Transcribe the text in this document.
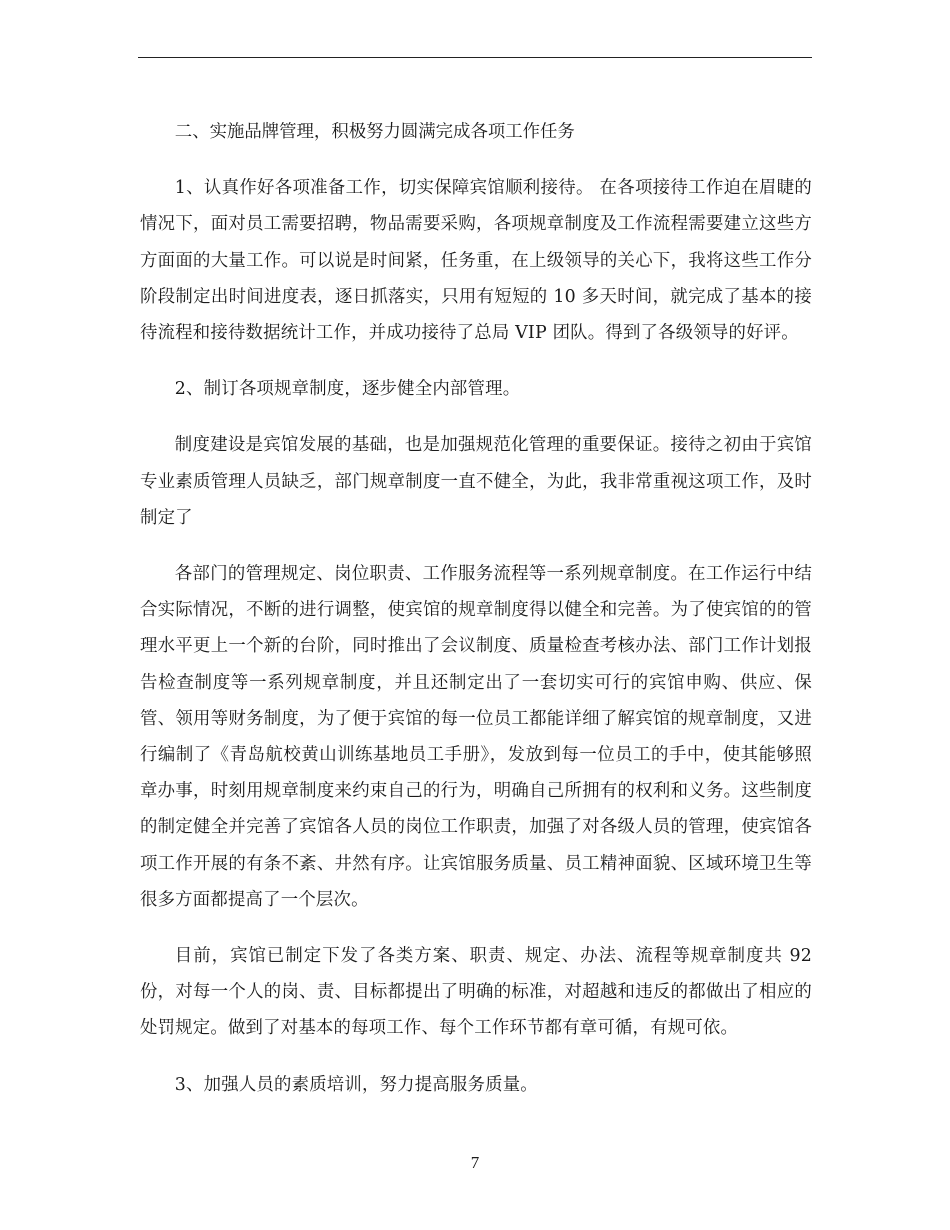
二、实施品牌管理，积极努力圆满完成各项工作任务

1、认真作好各项准备工作，切实保障宾馆顺利接待。 在各项接待工作迫在眉睫的情况下，面对员工需要招聘，物品需要采购，各项规章制度及工作流程需要建立这些方方面面的大量工作。可以说是时间紧，任务重，在上级领导的关心下，我将这些工作分阶段制定出时间进度表，逐日抓落实，只用有短短的 10 多天时间，就完成了基本的接待流程和接待数据统计工作，并成功接待了总局 VIP 团队。得到了各级领导的好评。

2、制订各项规章制度，逐步健全内部管理。

制度建设是宾馆发展的基础，也是加强规范化管理的重要保证。接待之初由于宾馆专业素质管理人员缺乏，部门规章制度一直不健全，为此，我非常重视这项工作，及时制定了

各部门的管理规定、岗位职责、工作服务流程等一系列规章制度。在工作运行中结合实际情况，不断的进行调整，使宾馆的规章制度得以健全和完善。为了使宾馆的的管理水平更上一个新的台阶，同时推出了会议制度、质量检查考核办法、部门工作计划报告检查制度等一系列规章制度，并且还制定出了一套切实可行的宾馆申购、供应、保管、领用等财务制度，为了便于宾馆的每一位员工都能详细了解宾馆的规章制度，又进行编制了《青岛航校黄山训练基地员工手册》，发放到每一位员工的手中，使其能够照章办事，时刻用规章制度来约束自己的行为，明确自己所拥有的权利和义务。这些制度的制定健全并完善了宾馆各人员的岗位工作职责，加强了对各级人员的管理，使宾馆各项工作开展的有条不紊、井然有序。让宾馆服务质量、员工精神面貌、区域环境卫生等很多方面都提高了一个层次。

目前，宾馆已制定下发了各类方案、职责、规定、办法、流程等规章制度共 92 份，对每一个人的岗、责、目标都提出了明确的标准，对超越和违反的都做出了相应的处罚规定。做到了对基本的每项工作、每个工作环节都有章可循，有规可依。

3、加强人员的素质培训，努力提高服务质量。

7
